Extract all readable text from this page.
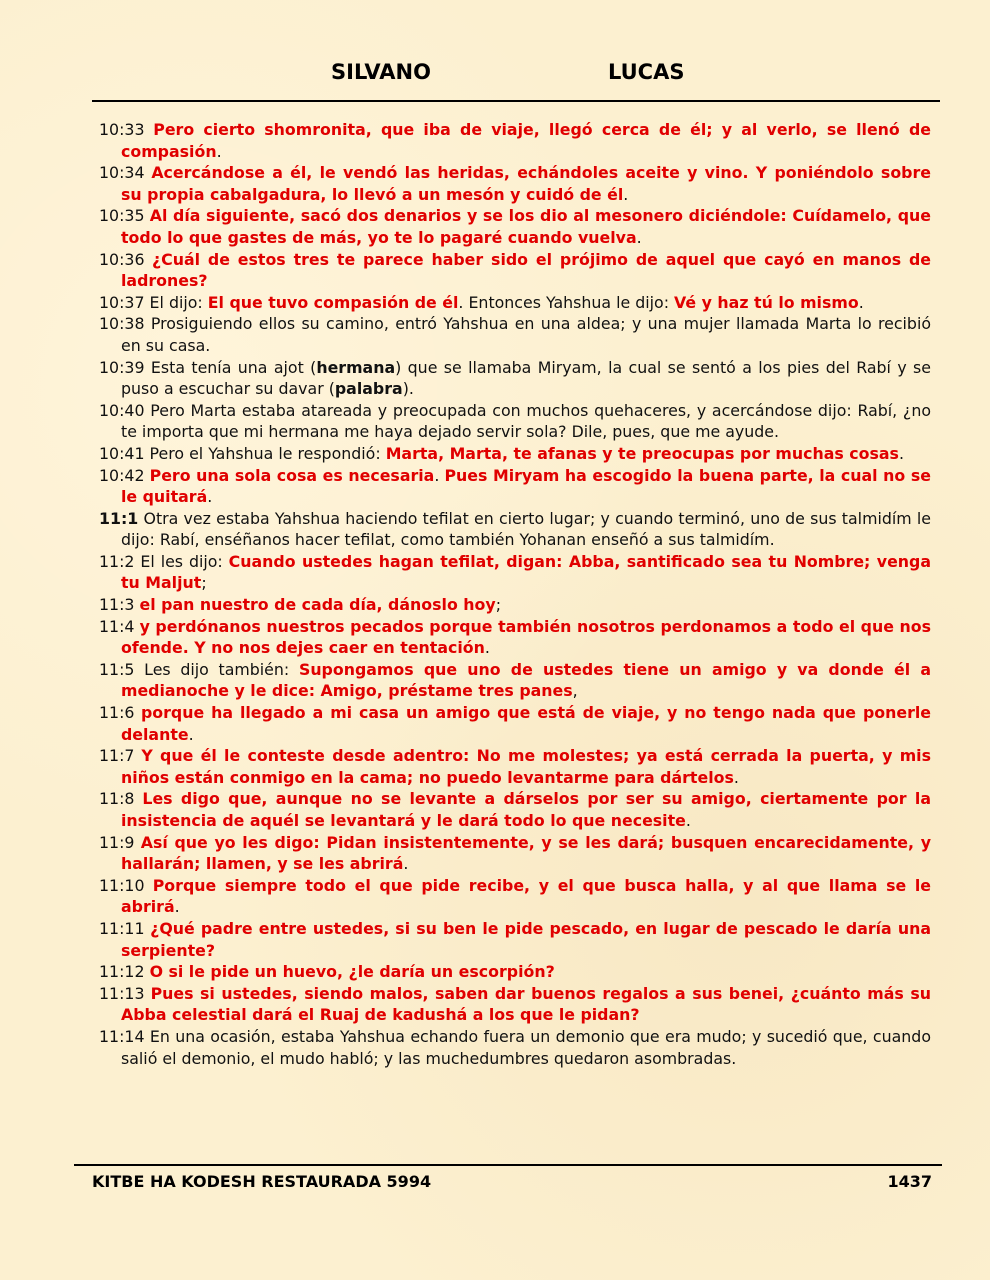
SILVANO	LUCAS

10:33 Pero cierto shomronita, que iba de viaje, llegó cerca de él; y al verlo, se llenó de compasión.

10:34 Acercándose a él, le vendó las heridas, echándoles aceite y vino. Y poniéndolo sobre su propia cabalgadura, lo llevó a un mesón y cuidó de él.

10:35 Al día siguiente, sacó dos denarios y se los dio al mesonero diciéndole: Cuídamelo, que todo lo que gastes de más, yo te lo pagaré cuando vuelva.

10:36 ¿Cuál de estos tres te parece haber sido el prójimo de aquel que cayó en manos de ladrones?

10:37 El dijo: El que tuvo compasión de él. Entonces Yahshua le dijo: Vé y haz tú lo mismo.

10:38 Prosiguiendo ellos su camino, entró Yahshua en una aldea; y una mujer llamada Marta lo recibió en su casa.

10:39 Esta tenía una ajot (hermana) que se llamaba Miryam, la cual se sentó a los pies del Rabí y se puso a escuchar su davar (palabra).

10:40 Pero Marta estaba atareada y preocupada con muchos quehaceres, y acercándose dijo: Rabí, ¿no te importa que mi hermana me haya dejado servir sola? Dile, pues, que me ayude.

10:41 Pero el Yahshua le respondió: Marta, Marta, te afanas y te preocupas por muchas cosas.

10:42 Pero una sola cosa es necesaria. Pues Miryam ha escogido la buena parte, la cual no se le quitará.

11:1 Otra vez estaba Yahshua haciendo tefilat en cierto lugar; y cuando terminó, uno de sus talmidím le dijo: Rabí, enséñanos hacer tefilat, como también Yohanan enseñó a sus talmidím.

11:2 El les dijo: Cuando ustedes hagan tefilat, digan: Abba, santificado sea tu Nombre; venga tu Maljut;

11:3 el pan nuestro de cada día, dánoslo hoy;

11:4 y perdónanos nuestros pecados porque también nosotros perdonamos a todo el que nos ofende. Y no nos dejes caer en tentación.

11:5 Les dijo también: Supongamos que uno de ustedes tiene un amigo y va donde él a medianoche y le dice: Amigo, préstame tres panes,

11:6 porque ha llegado a mi casa un amigo que está de viaje, y no tengo nada que ponerle delante.

11:7 Y que él le conteste desde adentro: No me molestes; ya está cerrada la puerta, y mis niños están conmigo en la cama; no puedo levantarme para dártelos.

11:8 Les digo que, aunque no se levante a dárselos por ser su amigo, ciertamente por la insistencia de aquél se levantará y le dará todo lo que necesite.

11:9 Así que yo les digo: Pidan insistentemente, y se les dará; busquen encarecidamente, y hallarán; llamen, y se les abrirá.

11:10 Porque siempre todo el que pide recibe, y el que busca halla, y al que llama se le abrirá.

11:11 ¿Qué padre entre ustedes, si su ben le pide pescado, en lugar de pescado le daría una serpiente?

11:12 O si le pide un huevo, ¿le daría un escorpión?

11:13 Pues si ustedes, siendo malos, saben dar buenos regalos a sus benei, ¿cuánto más su Abba celestial dará el Ruaj de kadushá a los que le pidan?

11:14 En una ocasión, estaba Yahshua echando fuera un demonio que era mudo; y sucedió que, cuando salió el demonio, el mudo habló; y las muchedumbres quedaron asombradas.

KITBE HA KODESH RESTAURADA 5994	1437
